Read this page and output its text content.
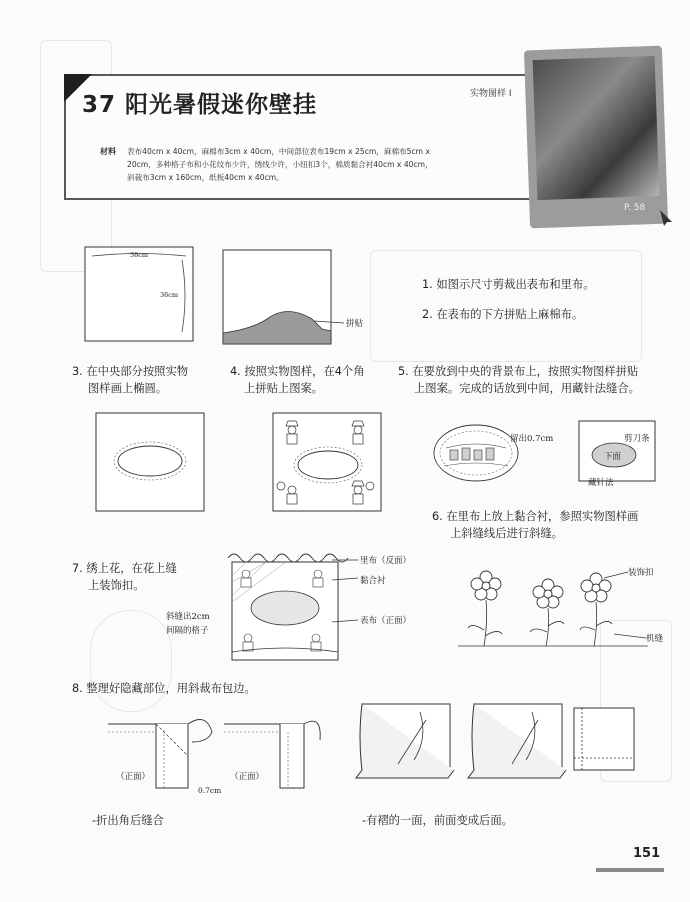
37 阳光暑假迷你壁挂	实物图样 I
材料 表布40cm x 40cm，麻棉布3cm x 40cm，中间部位表布19cm x 25cm，麻棉布5cm x
20cm，多种格子布和小花纹布少许，绣线少许，小纽扣3个，棉质黏合衬40cm x 40cm，
斜裁布3cm x 160cm，纸板40cm x 40cm。
P. 58
38cm
36cm
拼贴
1. 如图示尺寸剪裁出表布和里布。
2. 在表布的下方拼贴上麻棉布。
3. 在中央部分按照实物
图样画上椭圆。
4. 按照实物图样，在4个角
上拼贴上图案。
5. 在要放到中央的背景布上，按照实物图样拼贴
上图案。完成的话放到中间，用藏针法缝合。
留出0.7cm	剪刀条
下面
藏针法
6. 在里布上放上黏合衬，参照实物图样画
上斜缝线后进行斜缝。
7. 绣上花，在花上缝
上装饰扣。
里布（反面）
黏合衬
表布（正面）
斜缝出2cm
间隔的格子
装饰扣
机缝
8. 整理好隐藏部位，用斜裁布包边。
（正面）	（正面）
0.7cm
-折出角后缝合	-有褶的一面，前面变成后面。
151
